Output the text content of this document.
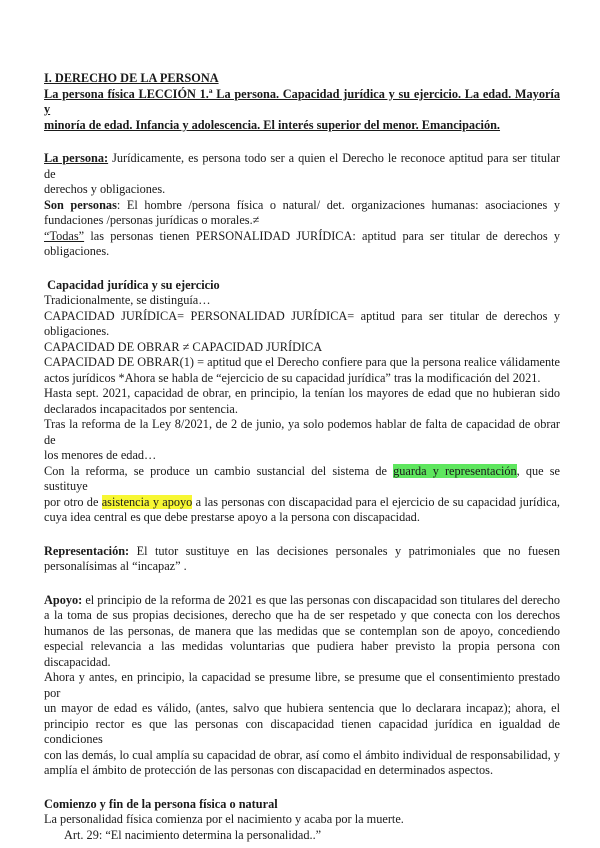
I. DERECHO DE LA PERSONA
La persona física LECCIÓN 1.ª La persona. Capacidad jurídica y su ejercicio. La edad. Mayoría y
minoría de edad. Infancia y adolescencia. El interés superior del menor. Emancipación.
La persona: Jurídicamente, es persona todo ser a quien el Derecho le reconoce aptitud para ser titular de
derechos y obligaciones.
Son personas: El hombre /persona física o natural/ det. organizaciones humanas: asociaciones y
fundaciones /personas jurídicas o morales.≠
“Todas” las personas tienen PERSONALIDAD JURÍDICA: aptitud para ser titular de derechos y
obligaciones.
Capacidad jurídica y su ejercicio
Tradicionalmente, se distinguía…
CAPACIDAD JURÍDICA= PERSONALIDAD JURÍDICA= aptitud para ser titular de derechos y
obligaciones.
CAPACIDAD DE OBRAR ≠ CAPACIDAD JURÍDICA
CAPACIDAD DE OBRAR(1) = aptitud que el Derecho confiere para que la persona realice válidamente
actos jurídicos *Ahora se habla de “ejercicio de su capacidad jurídica” tras la modificación del 2021.
Hasta sept. 2021, capacidad de obrar, en principio, la tenían los mayores de edad que no hubieran sido
declarados incapacitados por sentencia.
Tras la reforma de la Ley 8/2021, de 2 de junio, ya solo podemos hablar de falta de capacidad de obrar de
los menores de edad…
Con la reforma, se produce un cambio sustancial del sistema de guarda y representación, que se sustituye
por otro de asistencia y apoyo a las personas con discapacidad para el ejercicio de su capacidad jurídica,
cuya idea central es que debe prestarse apoyo a la persona con discapacidad.
Representación: El tutor sustituye en las decisiones personales y patrimoniales que no fuesen
personalísimas al “incapaz” .
Apoyo: el principio de la reforma de 2021 es que las personas con discapacidad son titulares del derecho
a la toma de sus propias decisiones, derecho que ha de ser respetado y que conecta con los derechos
humanos de las personas, de manera que las medidas que se contemplan son de apoyo, concediendo
especial relevancia a las medidas voluntarias que pudiera haber previsto la propia persona con
discapacidad.
Ahora y antes, en principio, la capacidad se presume libre, se presume que el consentimiento prestado por
un mayor de edad es válido, (antes, salvo que hubiera sentencia que lo declarara incapaz); ahora, el
principio rector es que las personas con discapacidad tienen capacidad jurídica en igualdad de condiciones
con las demás, lo cual amplía su capacidad de obrar, así como el ámbito individual de responsabilidad, y
amplía el ámbito de protección de las personas con discapacidad en determinados aspectos.
Comienzo y fin de la persona física o natural
La personalidad física comienza por el nacimiento y acaba por la muerte.
Art. 29: “El nacimiento determina la personalidad..”
